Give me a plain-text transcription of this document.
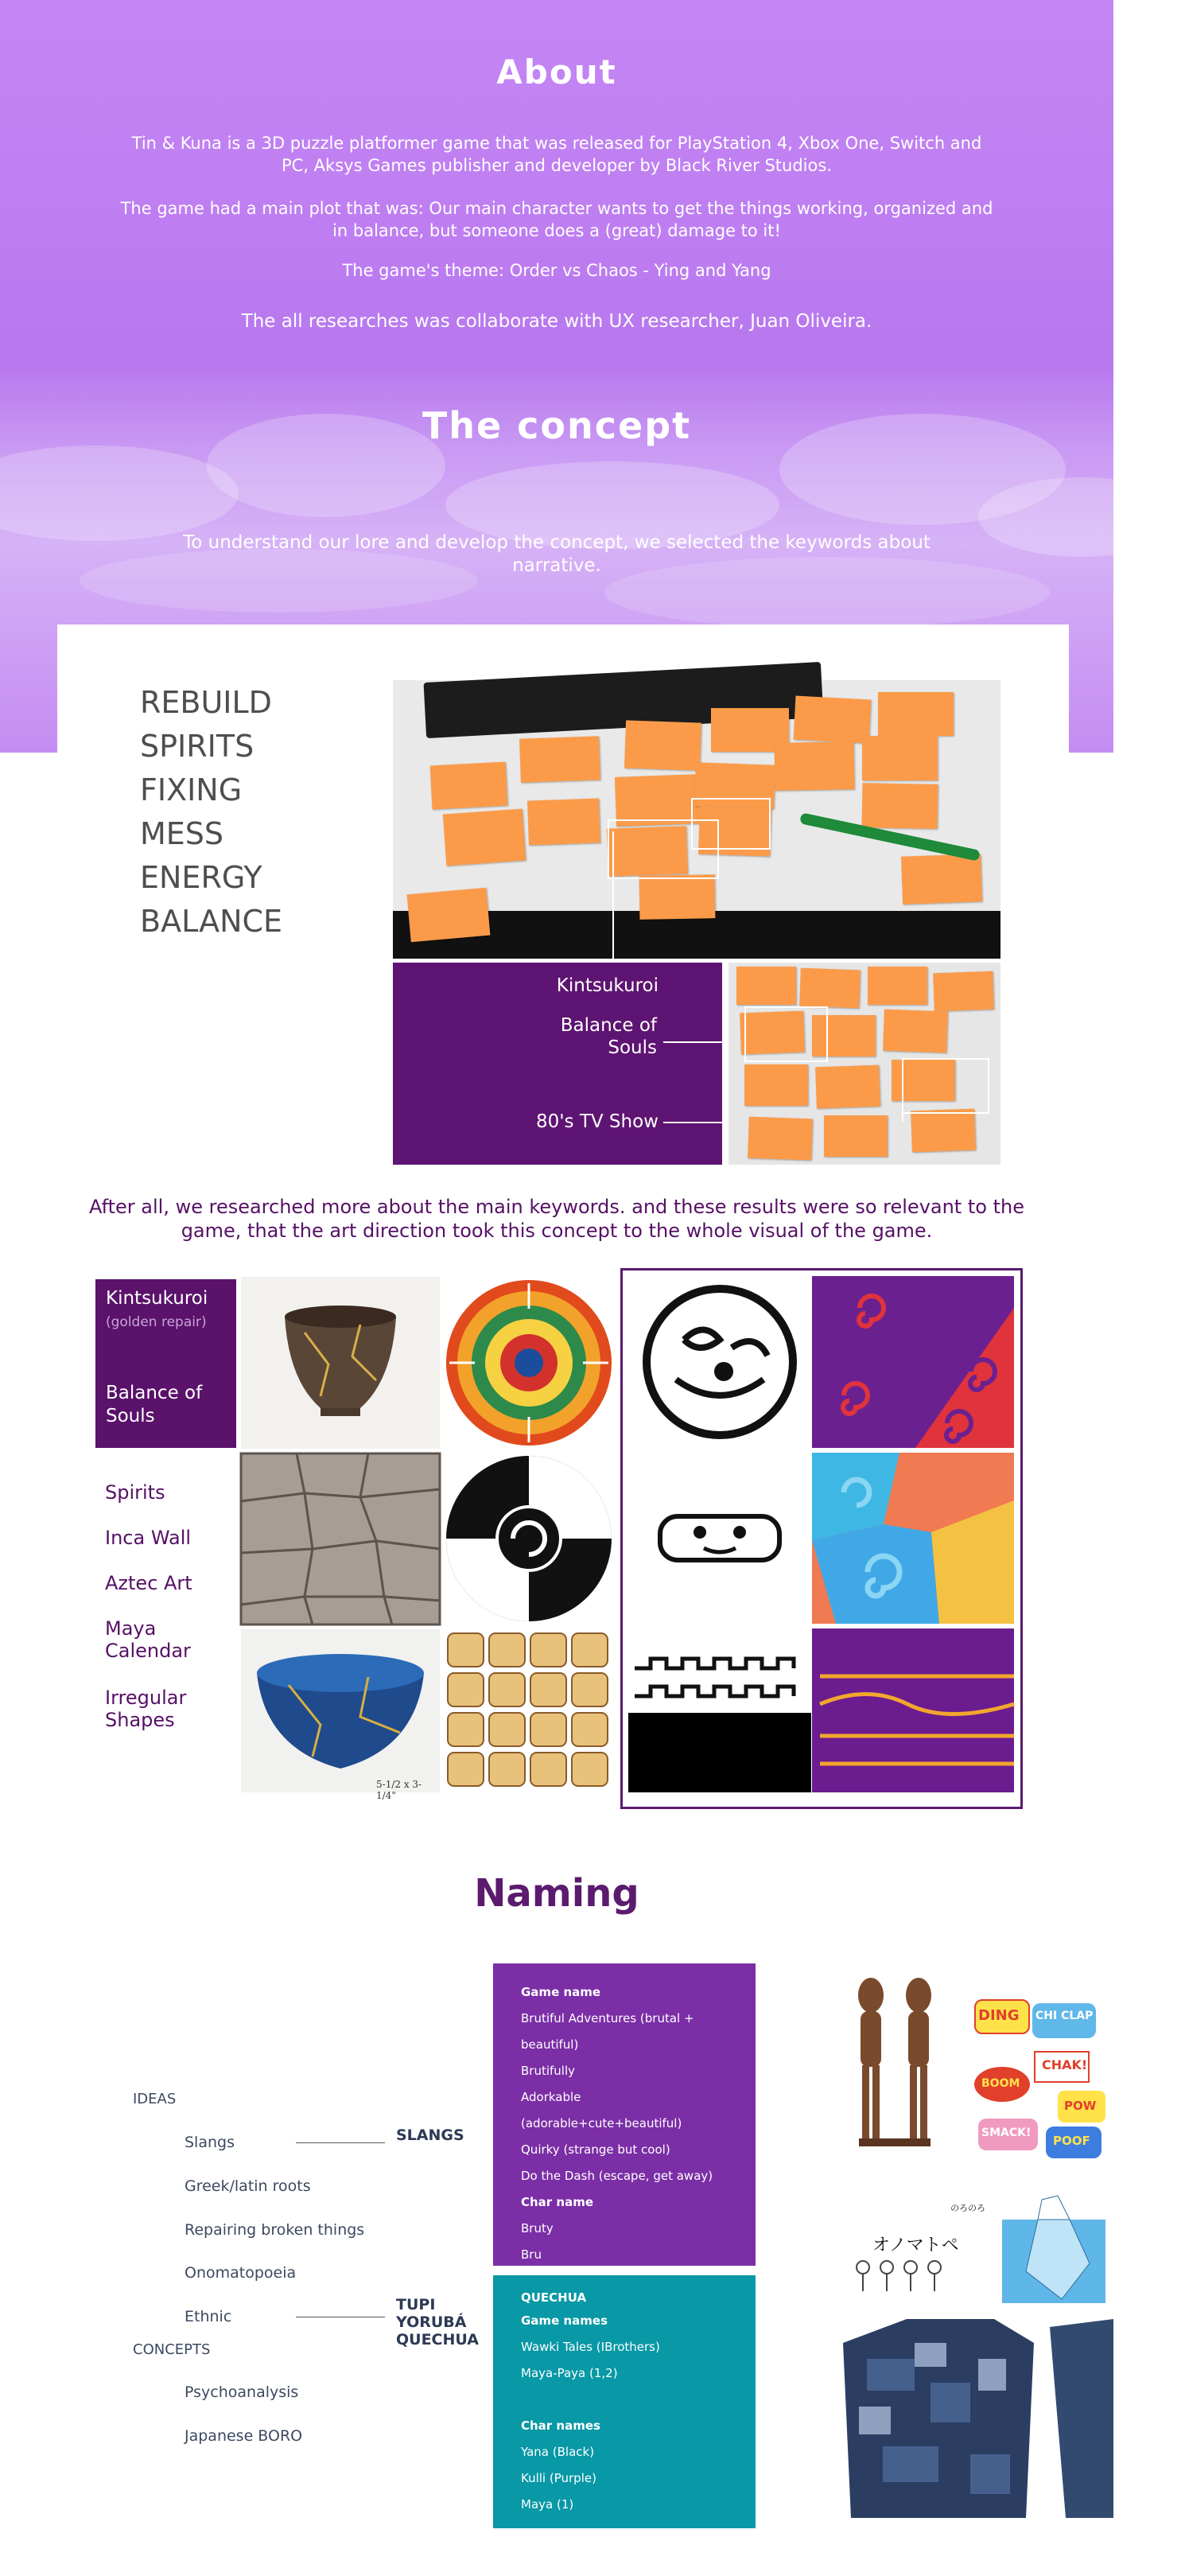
About
Tin & Kuna is a 3D puzzle platformer game that was released for PlayStation 4, Xbox One, Switch and PC, Aksys Games publisher and developer by Black River Studios.
The game had a main plot that was: Our main character wants to get the things working, organized and in balance, but someone does a (great) damage to it!
The game's theme: Order vs Chaos - Ying and Yang
The all researches was collaborate with UX researcher, Juan Oliveira.
The concept
To understand our lore and develop the concept, we selected the keywords about narrative.
REBUILD
SPIRITS
FIXING
MESS
ENERGY
BALANCE
Kintsukuroi
Balance of Souls
80's TV Show
After all, we researched more about the main keywords. and these results were so relevant to the game, that the art direction took this concept to the whole visual of the game.
Kintsukuroi
(golden repair)
Balance of Souls
Spirits
Inca Wall
Aztec Art
Maya Calendar
Irregular Shapes
5-1/2 x 3-1/4"
Naming
IDEAS
Slangs
Greek/latin roots
Repairing broken things
Onomatopoeia
Ethnic
CONCEPTS
Psychoanalysis
Japanese BORO
SLANGS
TUPI
YORUBÁ
QUECHUA
Game name
Brutiful Adventures (brutal + beautiful)
Brutifully
Adorkable (adorable+cute+beautiful)
Quirky (strange but cool)
Do the Dash (escape, get away)
Char name
Bruty
Bru
QUECHUA
Game names
Wawki Tales (IBrothers)
Maya-Paya (1,2)
Char names
Yana (Black)
Kulli (Purple)
Maya (1)
DING CHI CLAP
CHAK!
BOOM
POW
SMACK!
POOF
オノマトペ
のろのろ
